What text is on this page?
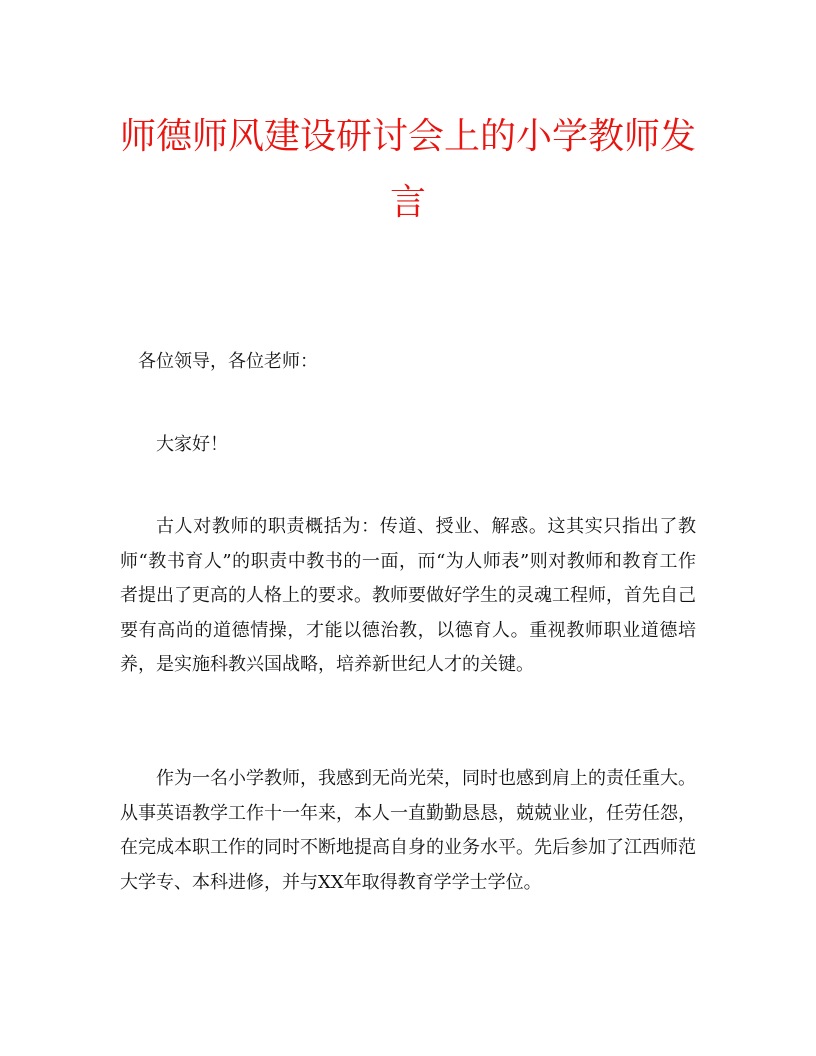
师德师风建设研讨会上的小学教师发言
各位领导，各位老师：

大家好！

古人对教师的职责概括为：传道、授业、解惑。这其实只指出了教师“教书育人”的职责中教书的一面，而“为人师表”则对教师和教育工作者提出了更高的人格上的要求。教师要做好学生的灵魂工程师，首先自己要有高尚的道德情操，才能以德治教，以德育人。重视教师职业道德培养，是实施科教兴国战略，培养新世纪人才的关键。

作为一名小学教师，我感到无尚光荣，同时也感到肩上的责任重大。从事英语教学工作十一年来，本人一直勤勤恳恳，兢兢业业，任劳任怨，在完成本职工作的同时不断地提高自身的业务水平。先后参加了江西师范大学专、本科进修，并与XX年取得教育学学士学位。
